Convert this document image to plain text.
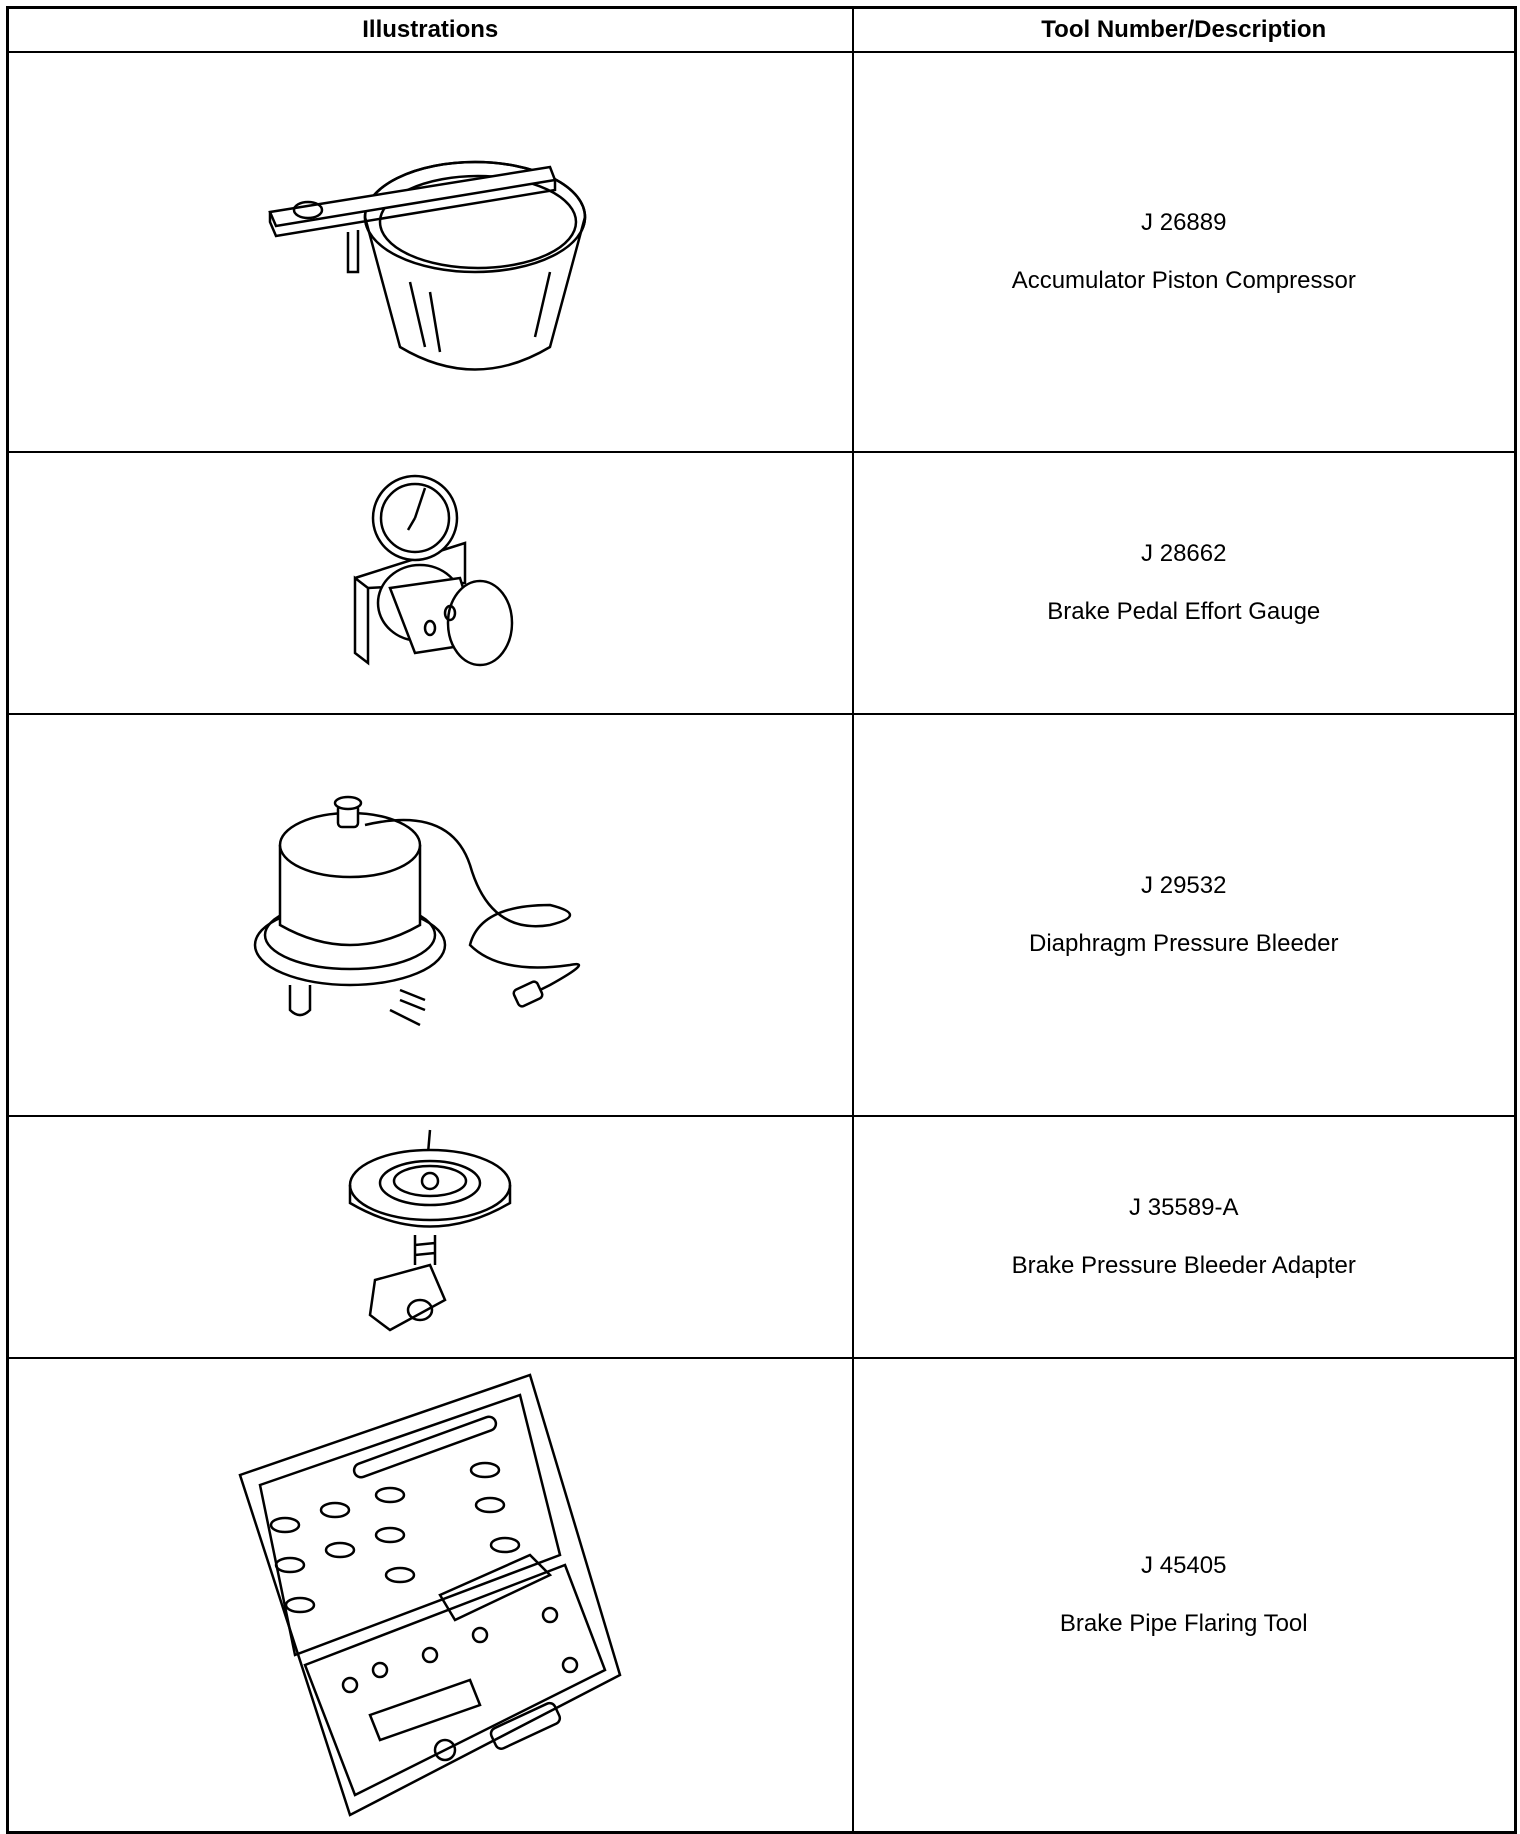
Illustrations	Tool Number/Description

J 26889
Accumulator Piston Compressor

J 28662
Brake Pedal Effort Gauge

J 29532
Diaphragm Pressure Bleeder

J 35589-A
Brake Pressure Bleeder Adapter

J 45405
Brake Pipe Flaring Tool
